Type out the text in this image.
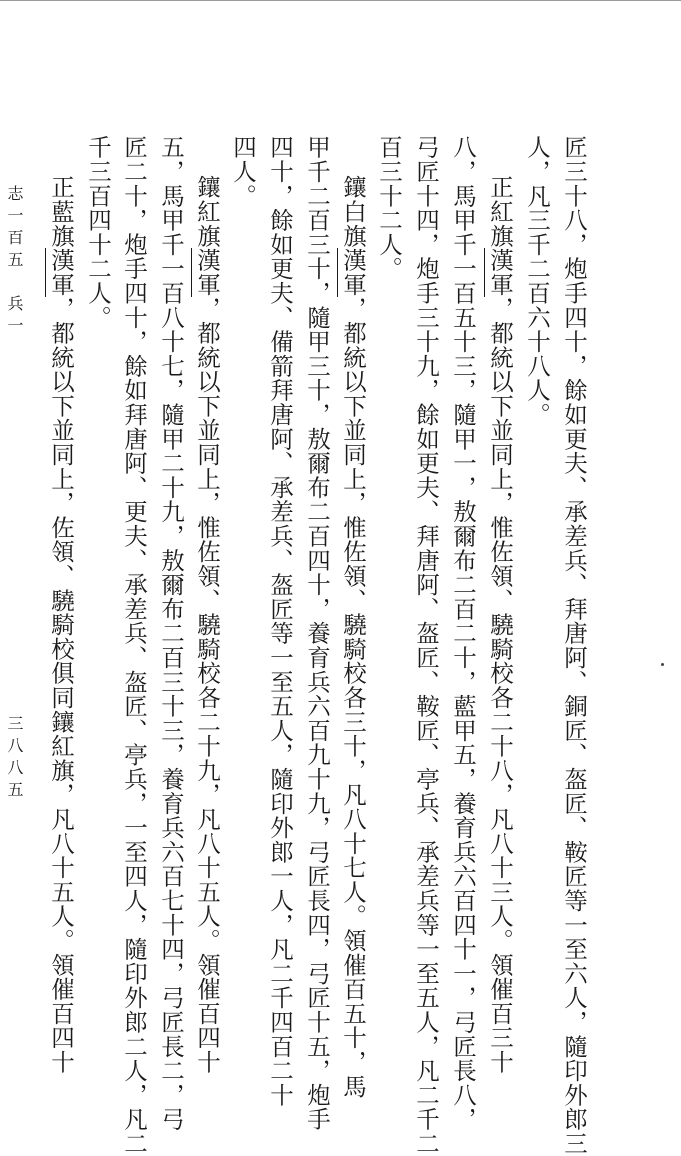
匠三十八，炮手四十，餘如更夫、承差兵、拜唐阿、銅匠、盔匠、鞍匠等一至六人，隨印外郎三
人，凡三千二百六十八人。
正紅旗漢軍，都統以下並同上，惟佐領、驍騎校各二十八，凡八十三人。領催百三十
八，馬甲千一百五十三，隨甲一，敖爾布二百二十，藍甲五，養育兵六百四十一，弓匠長八，
弓匠十四，炮手三十九，餘如更夫、拜唐阿、盔匠、鞍匠、亭兵、承差兵等一至五人，凡二千二
百三十二人。
鑲白旗漢軍，都統以下並同上，惟佐領、驍騎校各三十，凡八十七人。領催百五十，馬
甲千二百三十，隨甲三十，敖爾布二百四十，養育兵六百九十九，弓匠長四，弓匠十五，炮手
四十，餘如更夫、備箭拜唐阿、承差兵、盔匠等一至五人，隨印外郎一人，凡二千四百二十
四人。
鑲紅旗漢軍，都統以下並同上，惟佐領、驍騎校各二十九，凡八十五人。領催百四十
五，馬甲千一百八十七，隨甲二十九，敖爾布二百三十三，養育兵六百七十四，弓匠長二，弓
匠二十，炮手四十，餘如拜唐阿、更夫、承差兵、盔匠、亭兵，一至四人，隨印外郎二人，凡二
千三百四十二人。
正藍旗漢軍，都統以下並同上，佐領、驍騎校俱同鑲紅旗，凡八十五人。領催百四十
志一百五　兵一
三八八五
